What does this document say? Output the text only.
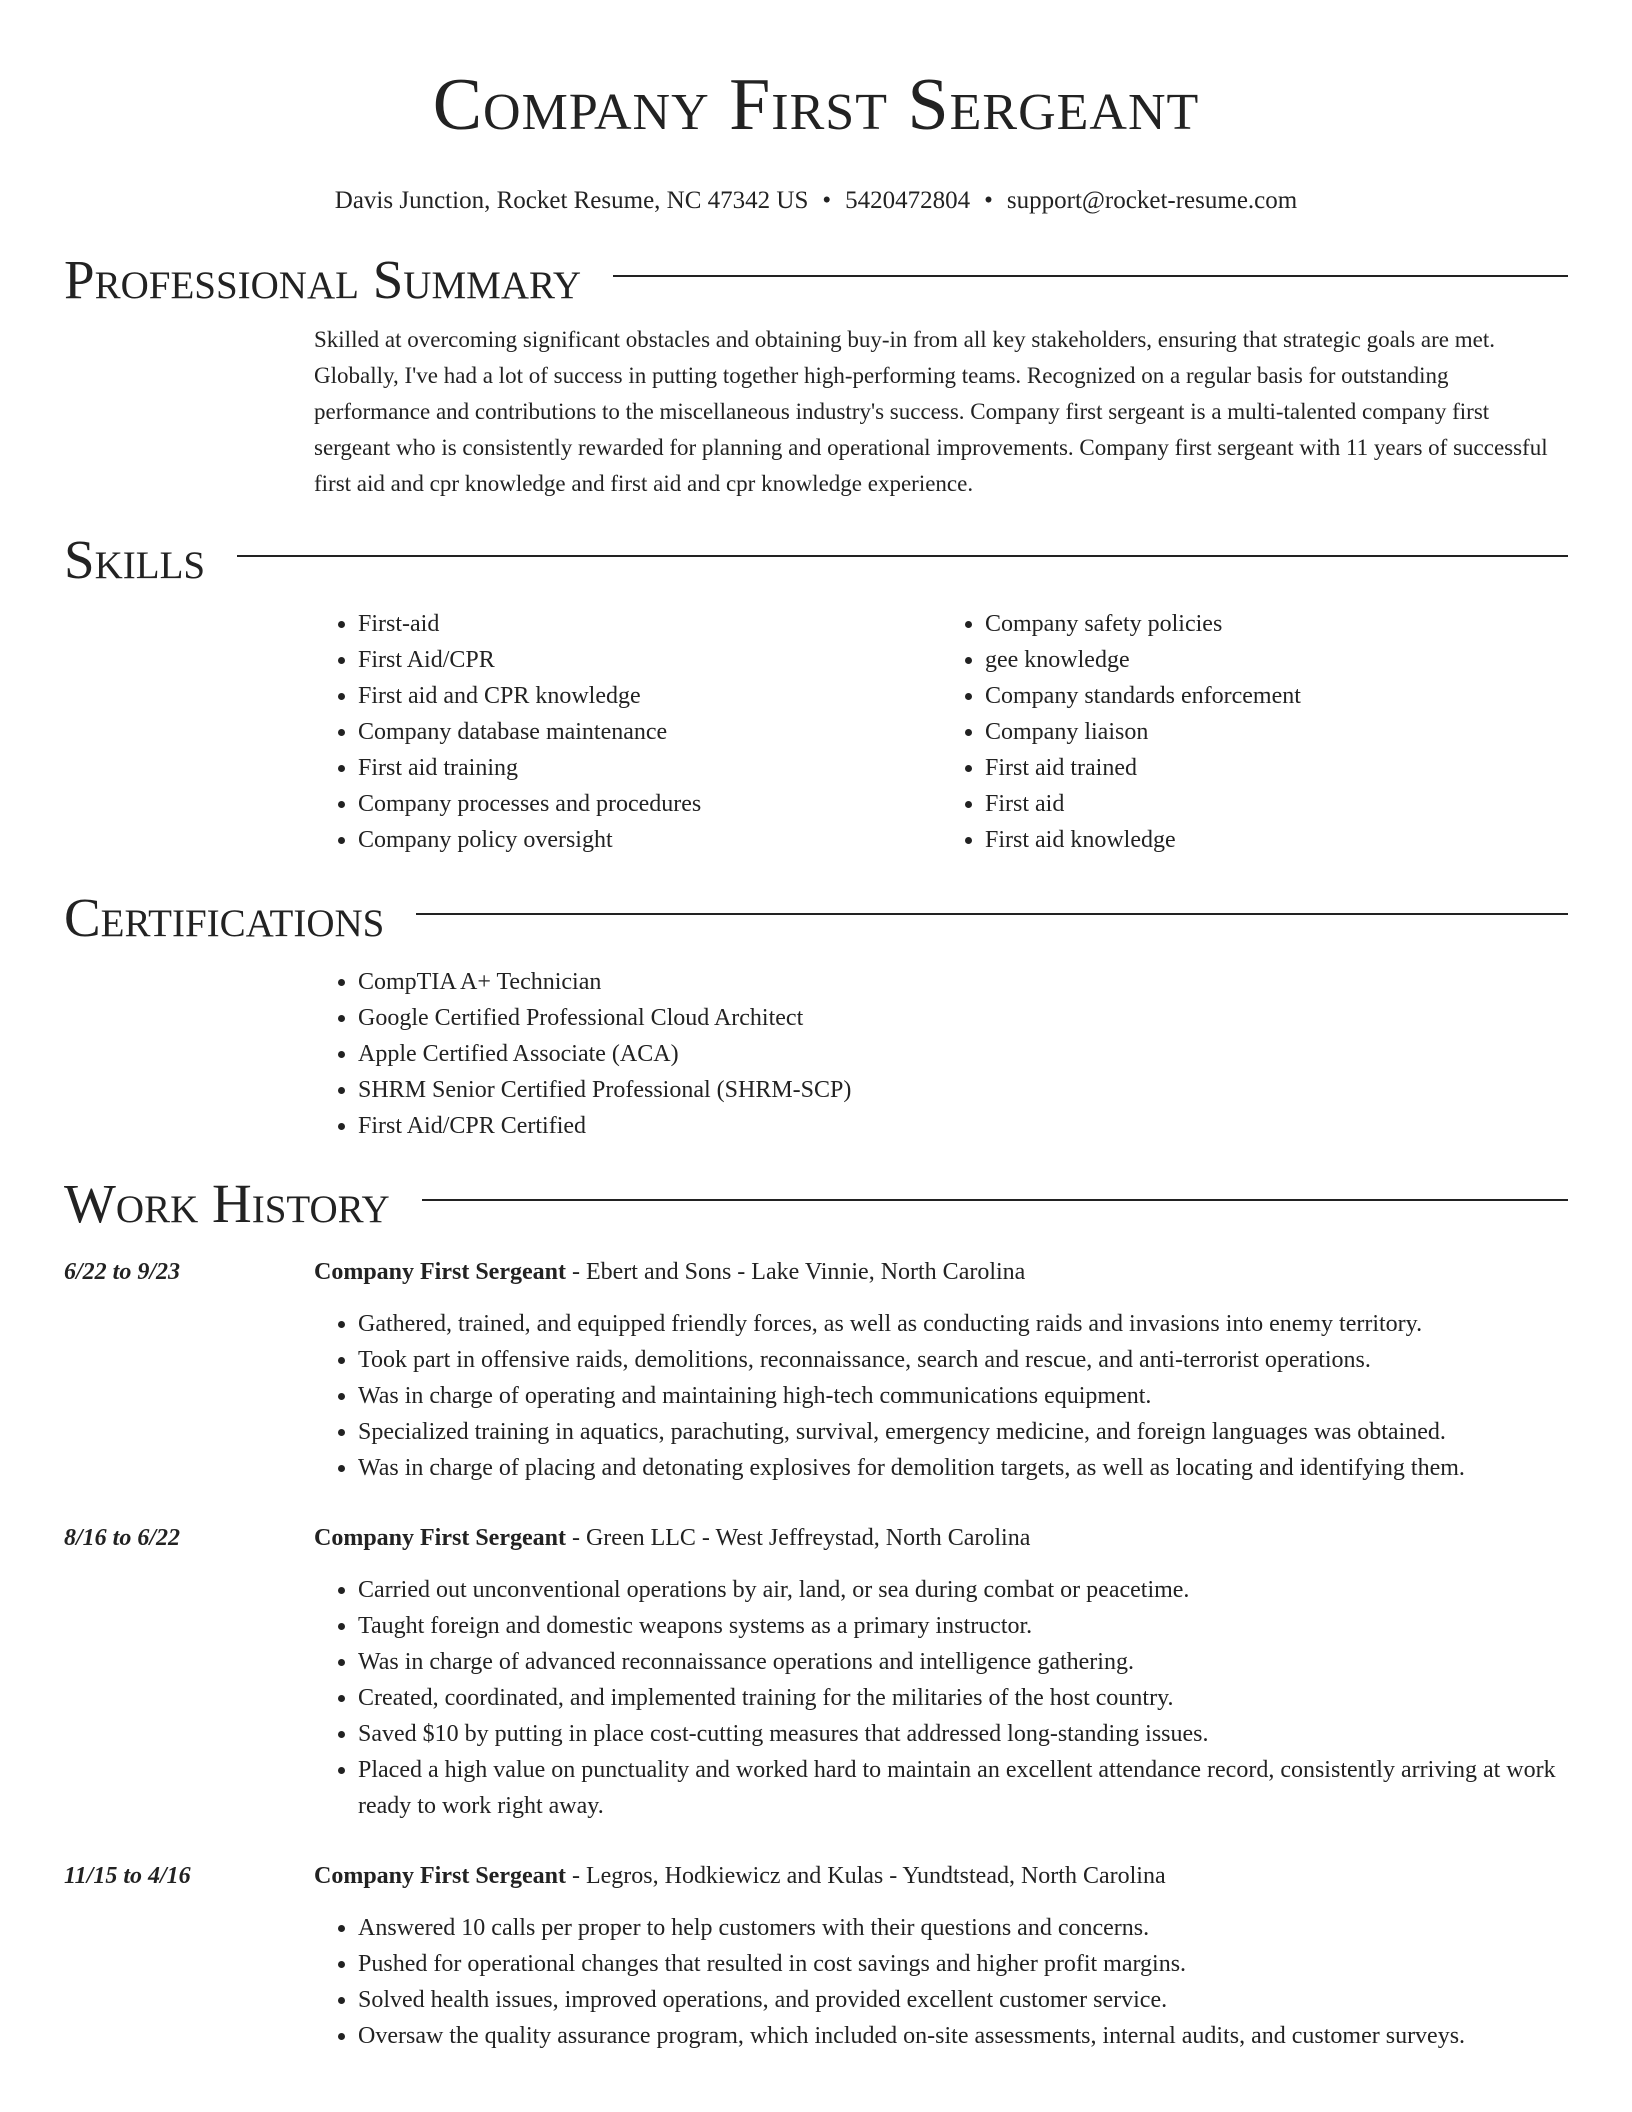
Company First Sergeant
Davis Junction, Rocket Resume, NC 47342 US • 5420472804 • support@rocket-resume.com
Professional Summary

Skilled at overcoming significant obstacles and obtaining buy-in from all key stakeholders, ensuring that strategic goals are met. Globally, I've had a lot of success in putting together high-performing teams. Recognized on a regular basis for outstanding performance and contributions to the miscellaneous industry's success. Company first sergeant is a multi-talented company first sergeant who is consistently rewarded for planning and operational improvements. Company first sergeant with 11 years of successful first aid and cpr knowledge and first aid and cpr knowledge experience.

Skills
• First-aid
• First Aid/CPR
• First aid and CPR knowledge
• Company database maintenance
• First aid training
• Company processes and procedures
• Company policy oversight
• Company safety policies
• gee knowledge
• Company standards enforcement
• Company liaison
• First aid trained
• First aid
• First aid knowledge
Certifications
• CompTIA A+ Technician
• Google Certified Professional Cloud Architect
• Apple Certified Associate (ACA)
• SHRM Senior Certified Professional (SHRM-SCP)
• First Aid/CPR Certified
Work History
6/22 to 9/23	Company First Sergeant - Ebert and Sons - Lake Vinnie, North Carolina
• Gathered, trained, and equipped friendly forces, as well as conducting raids and invasions into enemy territory.
• Took part in offensive raids, demolitions, reconnaissance, search and rescue, and anti-terrorist operations.
• Was in charge of operating and maintaining high-tech communications equipment.
• Specialized training in aquatics, parachuting, survival, emergency medicine, and foreign languages was obtained.
• Was in charge of placing and detonating explosives for demolition targets, as well as locating and identifying them.
8/16 to 6/22	Company First Sergeant - Green LLC - West Jeffreystad, North Carolina
• Carried out unconventional operations by air, land, or sea during combat or peacetime.
• Taught foreign and domestic weapons systems as a primary instructor.
• Was in charge of advanced reconnaissance operations and intelligence gathering.
• Created, coordinated, and implemented training for the militaries of the host country.
• Saved $10 by putting in place cost-cutting measures that addressed long-standing issues.
• Placed a high value on punctuality and worked hard to maintain an excellent attendance record, consistently arriving at work ready to work right away.
11/15 to 4/16	Company First Sergeant - Legros, Hodkiewicz and Kulas - Yundtstead, North Carolina
• Answered 10 calls per proper to help customers with their questions and concerns.
• Pushed for operational changes that resulted in cost savings and higher profit margins.
• Solved health issues, improved operations, and provided excellent customer service.
• Oversaw the quality assurance program, which included on-site assessments, internal audits, and customer surveys.
